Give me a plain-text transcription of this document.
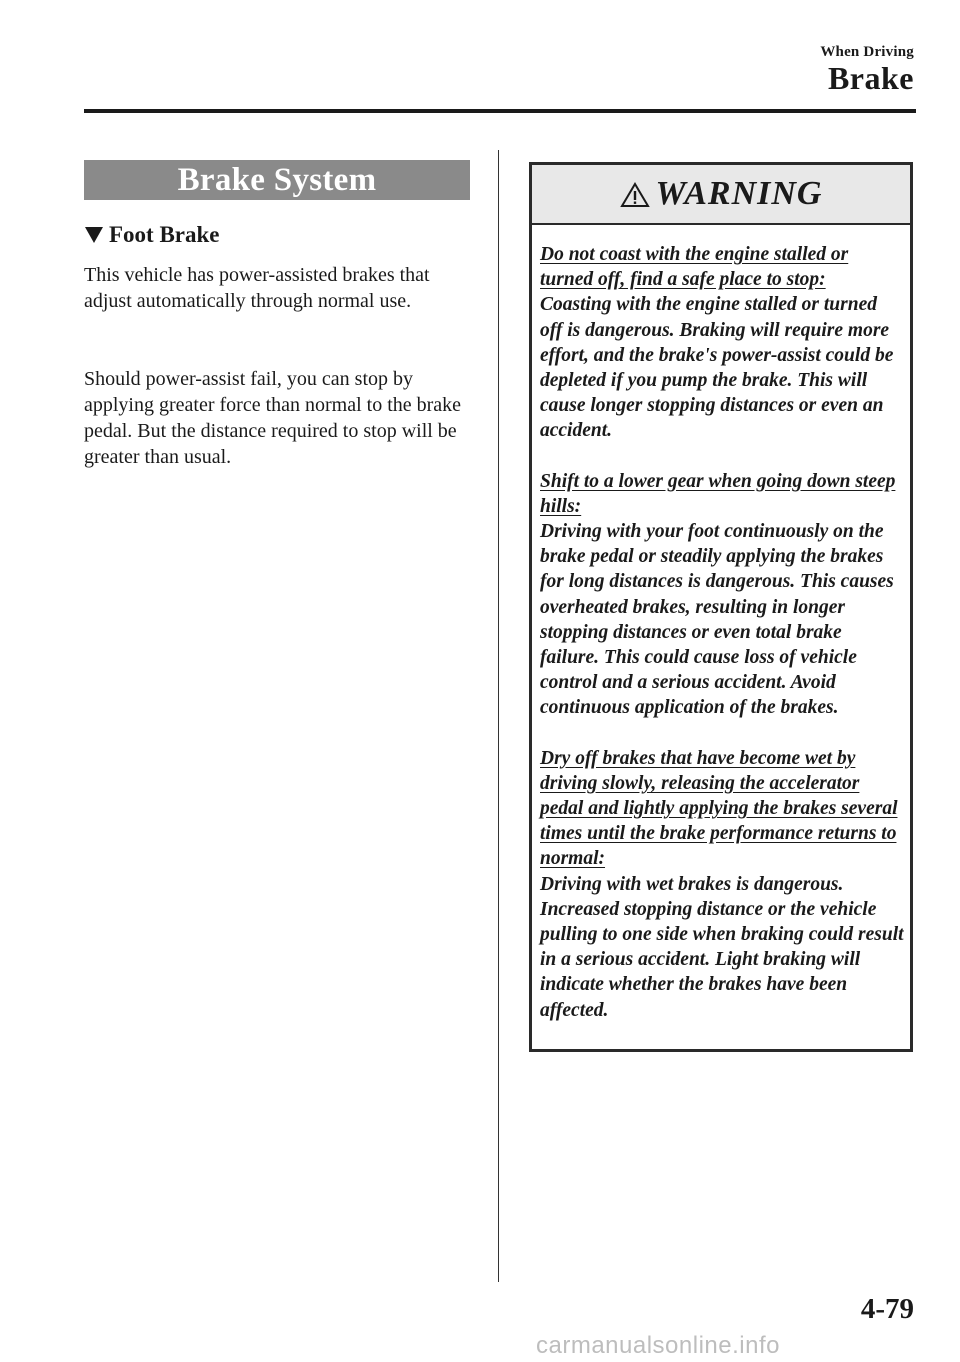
When Driving
Brake
Brake System
Foot Brake

This vehicle has power-assisted brakes that adjust automatically through normal use.

Should power-assist fail, you can stop by applying greater force than normal to the brake pedal. But the distance required to stop will be greater than usual.

WARNING
Do not coast with the engine stalled or turned off, find a safe place to stop:
Coasting with the engine stalled or turned off is dangerous. Braking will require more effort, and the brake's power-assist could be depleted if you pump the brake. This will cause longer stopping distances or even an accident.
Shift to a lower gear when going down steep hills:
Driving with your foot continuously on the brake pedal or steadily applying the brakes for long distances is dangerous. This causes overheated brakes, resulting in longer stopping distances or even total brake failure. This could cause loss of vehicle control and a serious accident. Avoid continuous application of the brakes.
Dry off brakes that have become wet by driving slowly, releasing the accelerator pedal and lightly applying the brakes several times until the brake performance returns to normal:
Driving with wet brakes is dangerous. Increased stopping distance or the vehicle pulling to one side when braking could result in a serious accident. Light braking will indicate whether the brakes have been affected.
4-79
carmanualsonline.info
